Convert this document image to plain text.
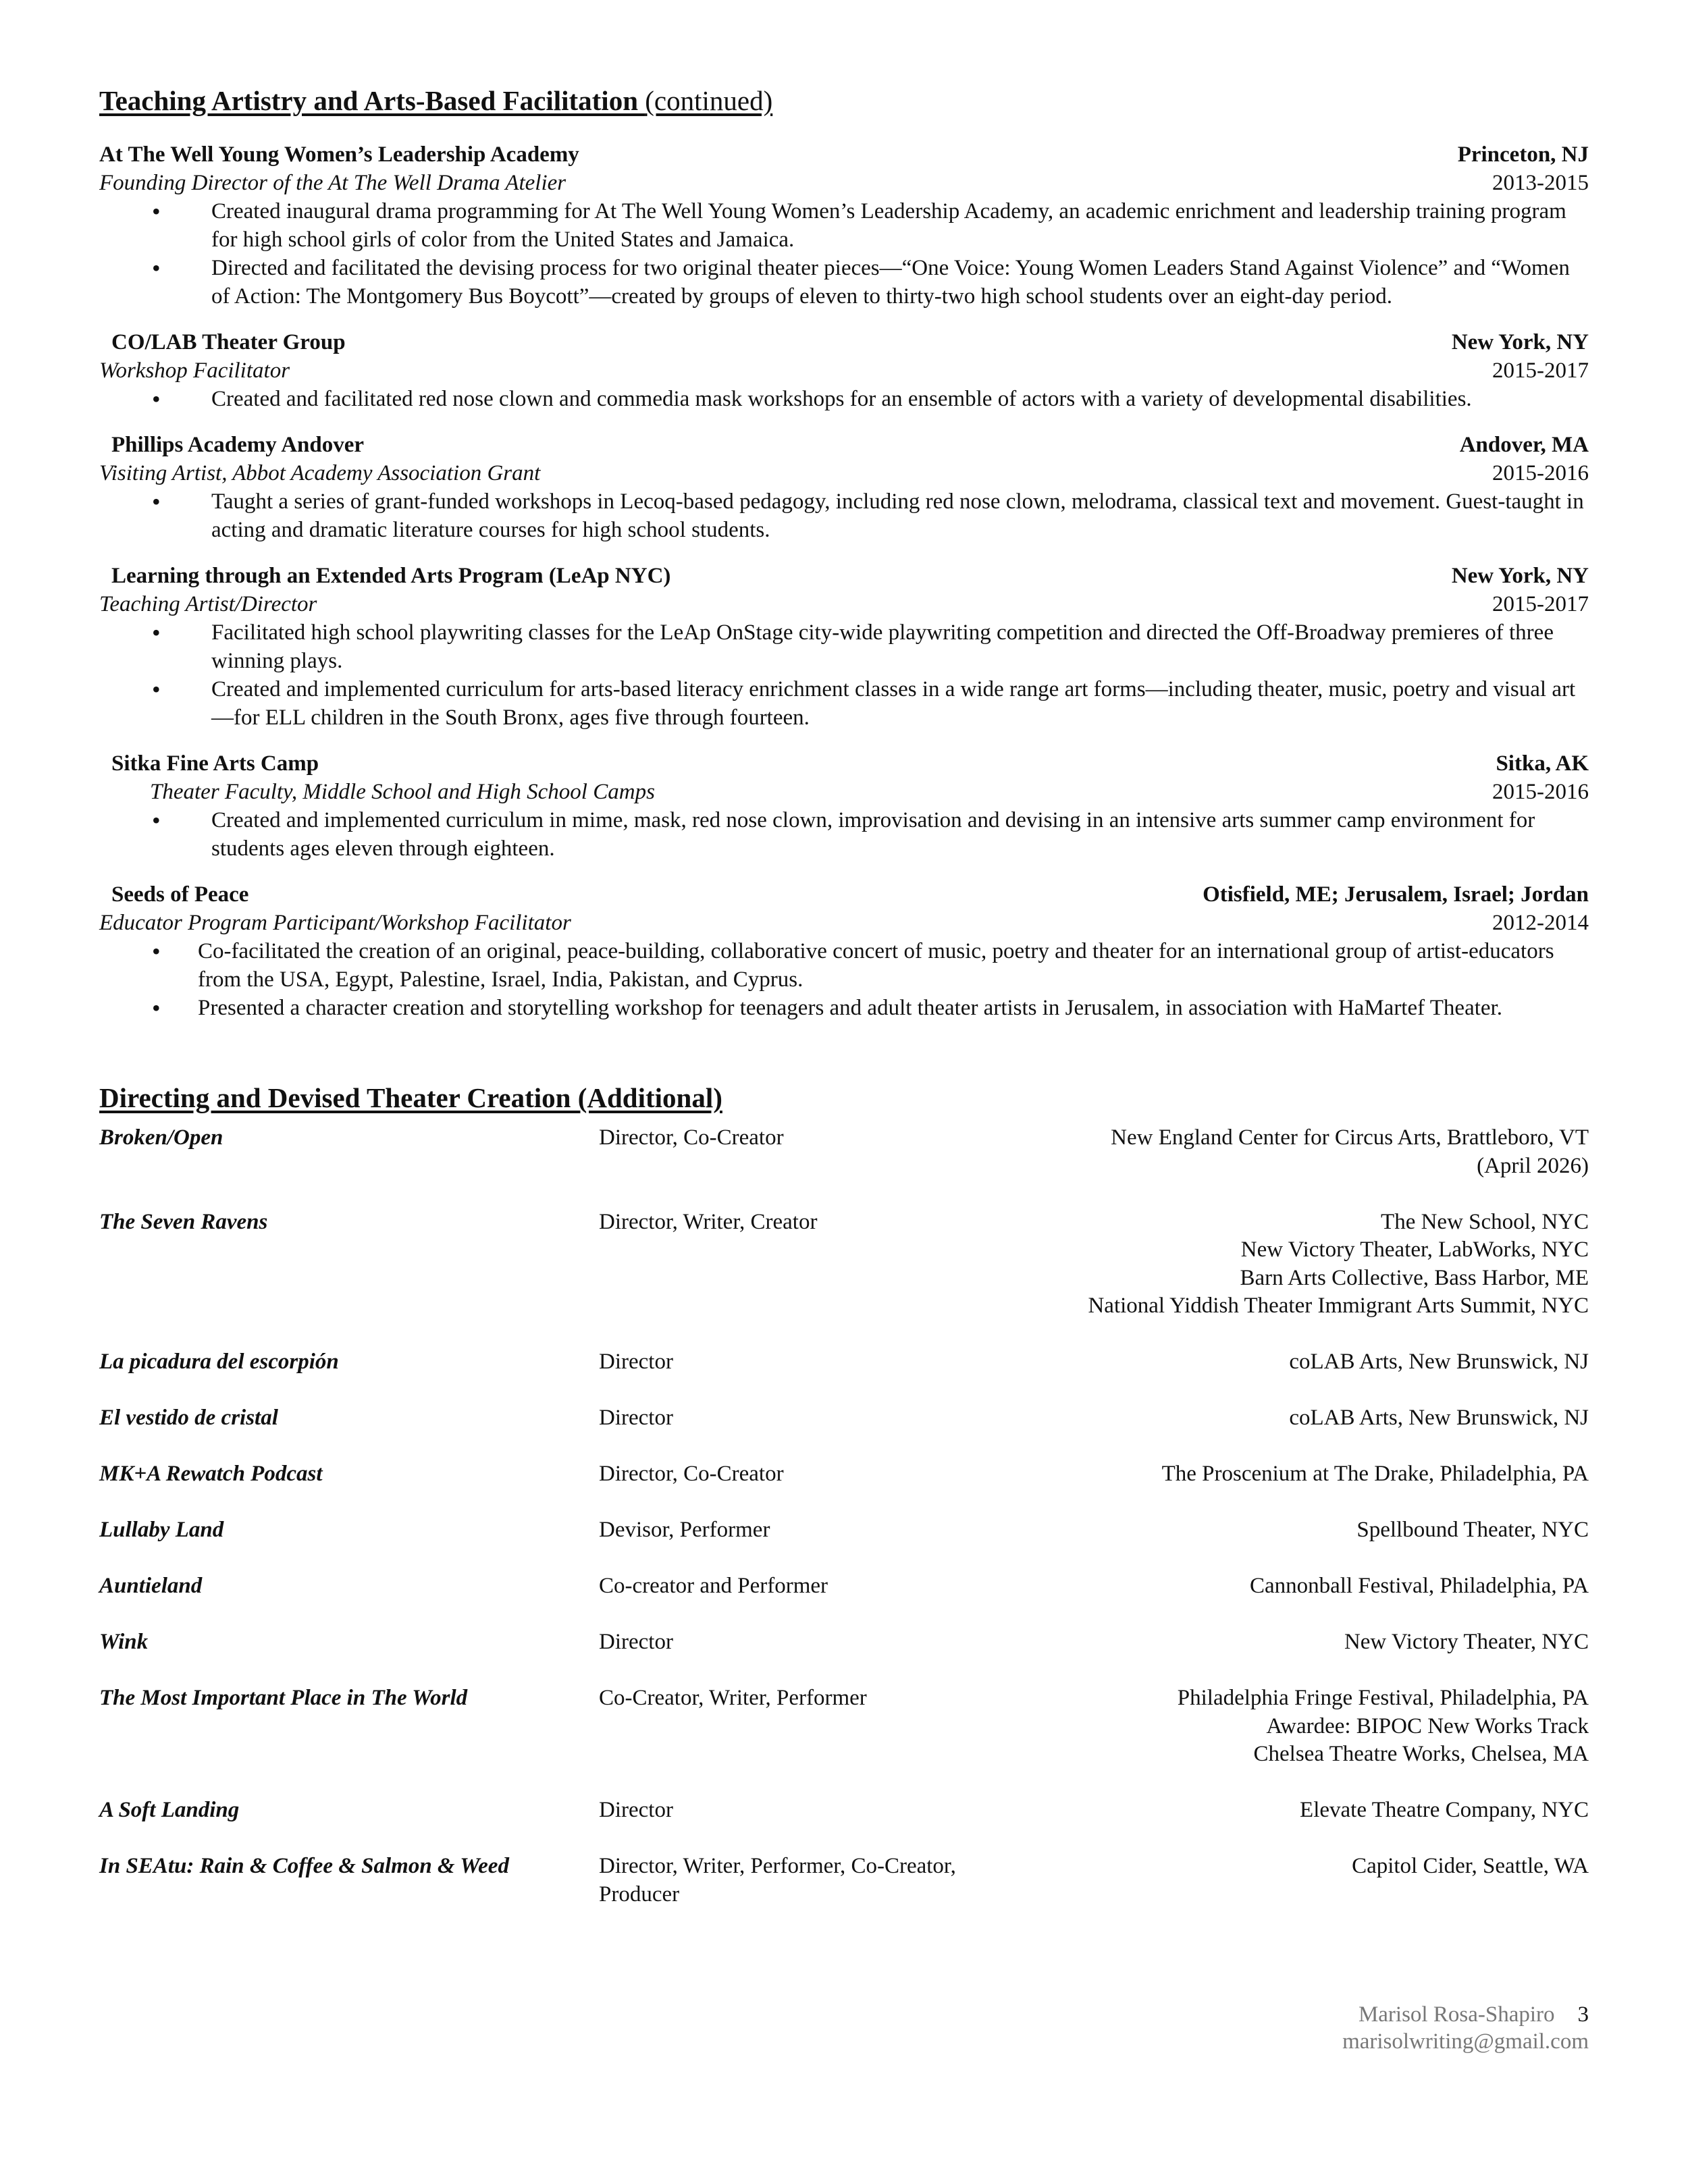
Teaching Artistry and Arts-Based Facilitation (continued)
At The Well Young Women’s Leadership Academy	Princeton, NJ
Founding Director of the At The Well Drama Atelier	2013-2015
• Created inaugural drama programming for At The Well Young Women’s Leadership Academy, an academic enrichment and leadership training program for high school girls of color from the United States and Jamaica.
• Directed and facilitated the devising process for two original theater pieces—“One Voice: Young Women Leaders Stand Against Violence” and “Women of Action: The Montgomery Bus Boycott”—created by groups of eleven to thirty-two high school students over an eight-day period.
CO/LAB Theater Group	New York, NY
Workshop Facilitator	2015-2017
• Created and facilitated red nose clown and commedia mask workshops for an ensemble of actors with a variety of developmental disabilities.
Phillips Academy Andover	Andover, MA
Visiting Artist, Abbot Academy Association Grant	2015-2016
• Taught a series of grant-funded workshops in Lecoq-based pedagogy, including red nose clown, melodrama, classical text and movement. Guest-taught in acting and dramatic literature courses for high school students.
Learning through an Extended Arts Program (LeAp NYC)	New York, NY
Teaching Artist/Director	2015-2017
• Facilitated high school playwriting classes for the LeAp OnStage city-wide playwriting competition and directed the Off-Broadway premieres of three winning plays.
• Created and implemented curriculum for arts-based literacy enrichment classes in a wide range art forms—including theater, music, poetry and visual art—for ELL children in the South Bronx, ages five through fourteen.
Sitka Fine Arts Camp	Sitka, AK
Theater Faculty, Middle School and High School Camps	2015-2016
• Created and implemented curriculum in mime, mask, red nose clown, improvisation and devising in an intensive arts summer camp environment for students ages eleven through eighteen.
Seeds of Peace	Otisfield, ME; Jerusalem, Israel; Jordan
Educator Program Participant/Workshop Facilitator	2012-2014
• Co-facilitated the creation of an original, peace-building, collaborative concert of music, poetry and theater for an international group of artist-educators from the USA, Egypt, Palestine, Israel, India, Pakistan, and Cyprus.
• Presented a character creation and storytelling workshop for teenagers and adult theater artists in Jerusalem, in association with HaMartef Theater.
Directing and Devised Theater Creation (Additional)
Broken/Open	Director, Co-Creator	New England Center for Circus Arts, Brattleboro, VT
(April 2026)
The Seven Ravens	Director, Writer, Creator	The New School, NYC
New Victory Theater, LabWorks, NYC
Barn Arts Collective, Bass Harbor, ME
National Yiddish Theater Immigrant Arts Summit, NYC
La picadura del escorpión	Director	coLAB Arts, New Brunswick, NJ
El vestido de cristal	Director	coLAB Arts, New Brunswick, NJ
MK+A Rewatch Podcast	Director, Co-Creator	The Proscenium at The Drake, Philadelphia, PA
Lullaby Land	Devisor, Performer	Spellbound Theater, NYC
Auntieland	Co-creator and Performer	Cannonball Festival, Philadelphia, PA
Wink	Director	New Victory Theater, NYC
The Most Important Place in The World	Co-Creator, Writer, Performer	Philadelphia Fringe Festival, Philadelphia, PA
Awardee: BIPOC New Works Track
Chelsea Theatre Works, Chelsea, MA
A Soft Landing	Director	Elevate Theatre Company, NYC
In SEAtu: Rain & Coffee & Salmon & Weed	Director, Writer, Performer, Co-Creator, Producer
Capitol Cider, Seattle, WA
Marisol Rosa-Shapiro 3
marisolwriting@gmail.com
